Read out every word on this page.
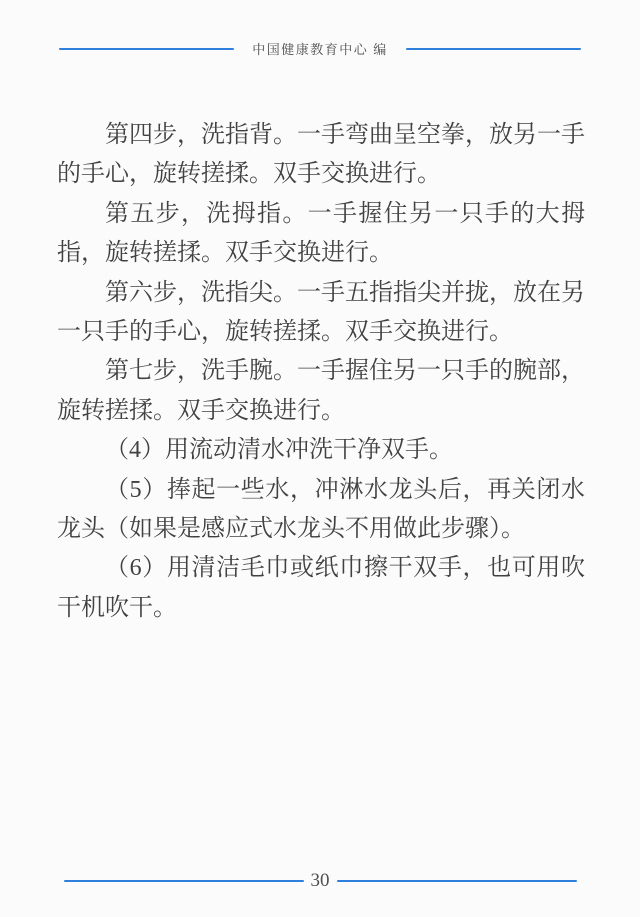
中国健康教育中心 编

第四步，洗指背。一手弯曲呈空拳，放另一手的手心，旋转搓揉。双手交换进行。

第五步，洗拇指。一手握住另一只手的大拇指，旋转搓揉。双手交换进行。

第六步，洗指尖。一手五指指尖并拢，放在另一只手的手心，旋转搓揉。双手交换进行。

第七步，洗手腕。一手握住另一只手的腕部，旋转搓揉。双手交换进行。

（4）用流动清水冲洗干净双手。

（5）捧起一些水，冲淋水龙头后，再关闭水龙头（如果是感应式水龙头不用做此步骤）。

（6）用清洁毛巾或纸巾擦干双手，也可用吹干机吹干。

30
